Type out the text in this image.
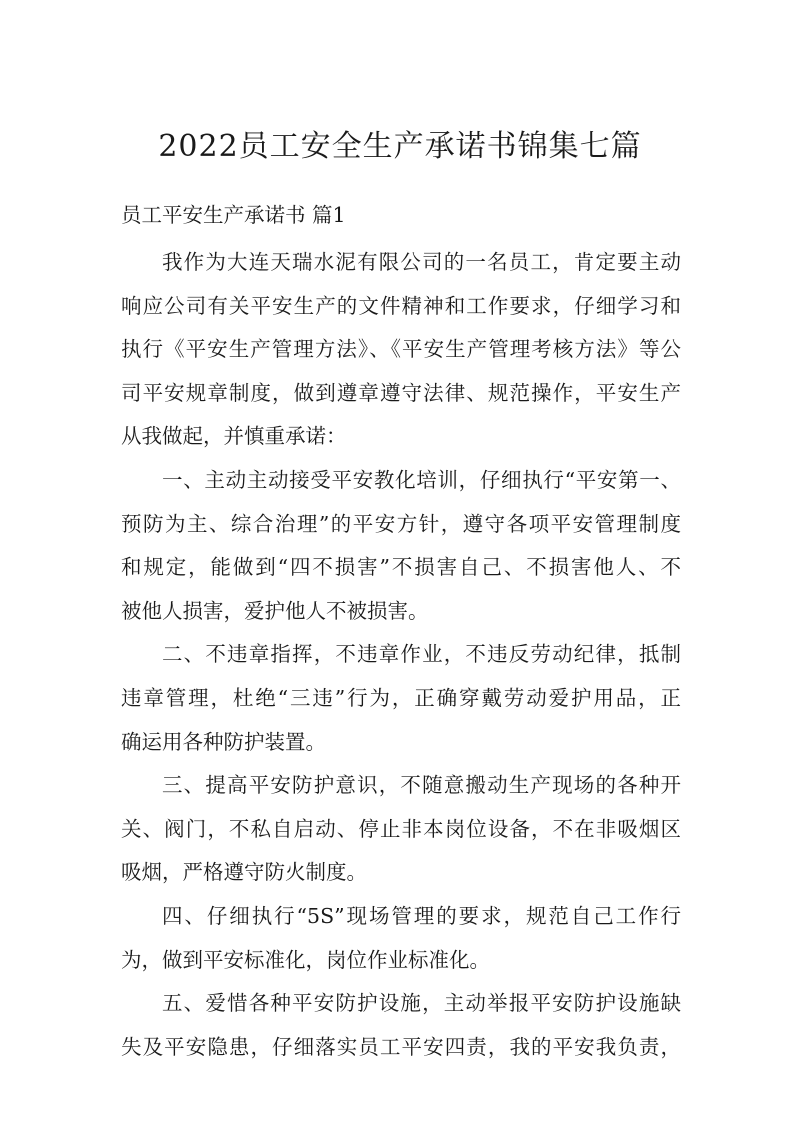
2022员工安全生产承诺书锦集七篇
员工平安生产承诺书 篇1

我作为大连天瑞水泥有限公司的一名员工，肯定要主动
响应公司有关平安生产的文件精神和工作要求，仔细学习和
执行《平安生产管理方法》、《平安生产管理考核方法》等公
司平安规章制度，做到遵章遵守法律、规范操作，平安生产
从我做起，并慎重承诺：

一、主动主动接受平安教化培训，仔细执行“平安第一、
预防为主、综合治理”的平安方针，遵守各项平安管理制度
和规定，能做到“四不损害”不损害自己、不损害他人、不
被他人损害，爱护他人不被损害。

二、不违章指挥，不违章作业，不违反劳动纪律，抵制
违章管理，杜绝“三违”行为，正确穿戴劳动爱护用品，正
确运用各种防护装置。

三、提高平安防护意识，不随意搬动生产现场的各种开
关、阀门，不私自启动、停止非本岗位设备，不在非吸烟区
吸烟，严格遵守防火制度。

四、仔细执行“5S”现场管理的要求，规范自己工作行
为，做到平安标准化，岗位作业标准化。

五、爱惜各种平安防护设施，主动举报平安防护设施缺
失及平安隐患，仔细落实员工平安四责，我的平安我负责，
